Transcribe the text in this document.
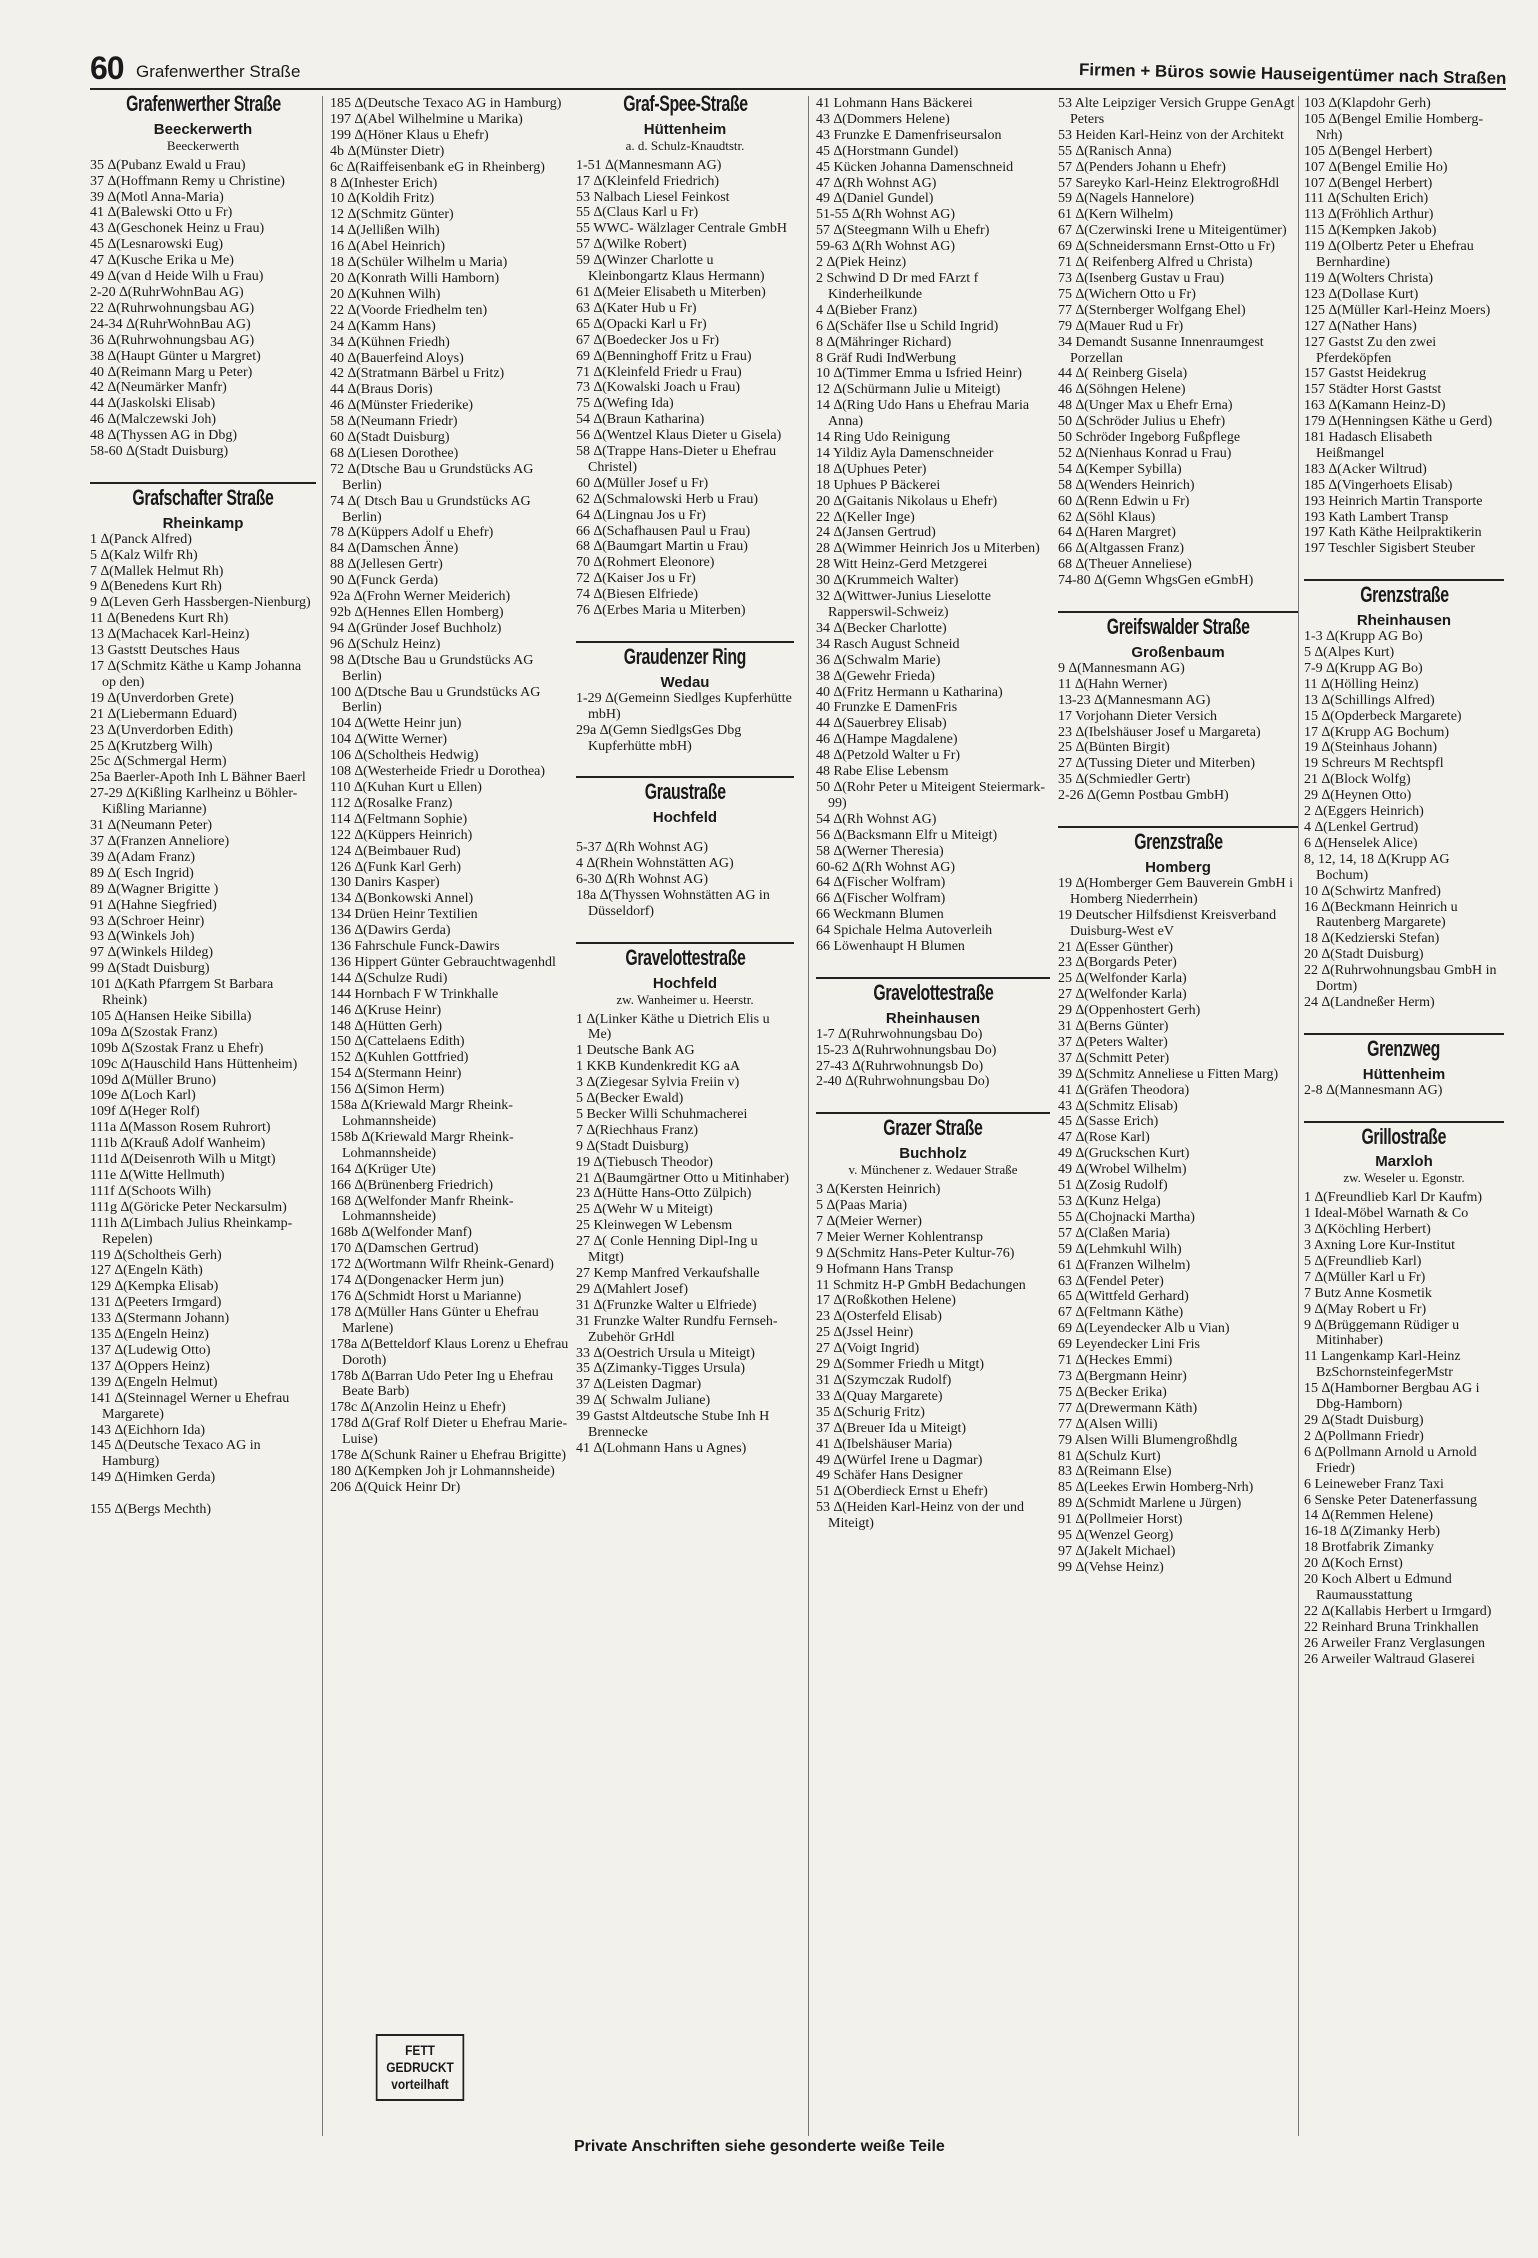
60 Grafenwerther Straße	Firmen + Büros sowie Hauseigentümer nach Straßen
Grafenwerther Straße
Beeckerwerth
Beeckerwerth
35 ∆(Pubanz Ewald u Frau)
37 ∆(Hoffmann Remy u Christine)
39 ∆(Motl Anna-Maria)
41 ∆(Balewski Otto u Fr)
43 ∆(Geschonek Heinz u Frau)
45 ∆(Lesnarowski Eug)
47 ∆(Kusche Erika u Me)
49 ∆(van d Heide Wilh u Frau)
2-20 ∆(RuhrWohnBau AG)
22 ∆(Ruhrwohnungsbau AG)
24-34 ∆(RuhrWohnBau AG)
36 ∆(Ruhrwohnungsbau AG)
38 ∆(Haupt Günter u Margret)
40 ∆(Reimann Marg u Peter)
42 ∆(Neumärker Manfr)
44 ∆(Jaskolski Elisab)
46 ∆(Malczewski Joh)
48 ∆(Thyssen AG in Dbg)
58-60 ∆(Stadt Duisburg)
Grafschafter Straße
Rheinkamp
1 ∆(Panck Alfred)
5 ∆(Kalz Wilfr Rh)
7 ∆(Mallek Helmut Rh)
9 ∆(Benedens Kurt Rh)
9 ∆(Leven Gerh Hassbergen-Nienburg)
11 ∆(Benedens Kurt Rh)
13 ∆(Machacek Karl-Heinz)
13 Gaststt Deutsches Haus
17 ∆(Schmitz Käthe u Kamp Johanna op den)
19 ∆(Unverdorben Grete)
21 ∆(Liebermann Eduard)
23 ∆(Unverdorben Edith)
25 ∆(Krutzberg Wilh)
25c ∆(Schmergal Herm)
25a Baerler-Apoth Inh L Bähner Baerl
27-29 ∆(Kißling Karlheinz u Böhler-Kißling Marianne)
31 ∆(Neumann Peter)
37 ∆(Franzen Anneliore)
39 ∆(Adam Franz)
89 ∆( Esch Ingrid)
89 ∆(Wagner Brigitte )
91 ∆(Hahne Siegfried)
93 ∆(Schroer Heinr)
93 ∆(Winkels Joh)
97 ∆(Winkels Hildeg)
99 ∆(Stadt Duisburg)
101 ∆(Kath Pfarrgem St Barbara Rheink)
105 ∆(Hansen Heike Sibilla)
109a ∆(Szostak Franz)
109b ∆(Szostak Franz u Ehefr)
109c ∆(Hauschild Hans Hüttenheim)
109d ∆(Müller Bruno)
109e ∆(Loch Karl)
109f ∆(Heger Rolf)
111a ∆(Masson Rosem Ruhrort)
111b ∆(Krauß Adolf Wanheim)
111d ∆(Deisenroth Wilh u Mitgt)
111e ∆(Witte Hellmuth)
111f ∆(Schoots Wilh)
111g ∆(Göricke Peter Neckarsulm)
111h ∆(Limbach Julius Rheinkamp-Repelen)
119 ∆(Scholtheis Gerh)
127 ∆(Engeln Käth)
129 ∆(Kempka Elisab)
131 ∆(Peeters Irmgard)
133 ∆(Stermann Johann)
135 ∆(Engeln Heinz)
137 ∆(Ludewig Otto)
137 ∆(Oppers Heinz)
139 ∆(Engeln Helmut)
141 ∆(Steinnagel Werner u Ehefrau Margarete)
143 ∆(Eichhorn Ida)
145 ∆(Deutsche Texaco AG in Hamburg)
149 ∆(Himken Gerda)
155 ∆(Bergs Mechth)
185 ∆(Deutsche Texaco AG in Hamburg)
197 ∆(Abel Wilhelmine u Marika)
199 ∆(Höner Klaus u Ehefr)
4b ∆(Münster Dietr)
6c ∆(Raiffeisenbank eG in Rheinberg)
8 ∆(Inhester Erich)
10 ∆(Koldih Fritz)
12 ∆(Schmitz Günter)
14 ∆(Jellißen Wilh)
16 ∆(Abel Heinrich)
18 ∆(Schüler Wilhelm u Maria)
20 ∆(Konrath Willi Hamborn)
20 ∆(Kuhnen Wilh)
22 ∆(Voorde Friedhelm ten)
24 ∆(Kamm Hans)
34 ∆(Kühnen Friedh)
40 ∆(Bauerfeind Aloys)
42 ∆(Stratmann Bärbel u Fritz)
44 ∆(Braus Doris)
46 ∆(Münster Friederike)
58 ∆(Neumann Friedr)
60 ∆(Stadt Duisburg)
68 ∆(Liesen Dorothee)
72 ∆(Dtsche Bau u Grundstücks AG Berlin)
74 ∆( Dtsch Bau u Grundstücks AG Berlin)
78 ∆(Küppers Adolf u Ehefr)
84 ∆(Damschen Änne)
88 ∆(Jellesen Gertr)
90 ∆(Funck Gerda)
92a ∆(Frohn Werner Meiderich)
92b ∆(Hennes Ellen Homberg)
94 ∆(Gründer Josef Buchholz)
96 ∆(Schulz Heinz)
98 ∆(Dtsche Bau u Grundstücks AG Berlin)
100 ∆(Dtsche Bau u Grundstücks AG Berlin)
104 ∆(Wette Heinr jun)
104 ∆(Witte Werner)
106 ∆(Scholtheis Hedwig)
108 ∆(Westerheide Friedr u Dorothea)
110 ∆(Kuhan Kurt u Ellen)
112 ∆(Rosalke Franz)
114 ∆(Feltmann Sophie)
122 ∆(Küppers Heinrich)
124 ∆(Beimbauer Rud)
126 ∆(Funk Karl Gerh)
130 Danirs Kasper)
134 ∆(Bonkowski Annel)
134 Drüen Heinr Textilien
136 ∆(Dawirs Gerda)
136 Fahrschule Funck-Dawirs
136 Hippert Günter Gebrauchtwagenhdl
144 ∆(Schulze Rudi)
144 Hornbach F W Trinkhalle
146 ∆(Kruse Heinr)
148 ∆(Hütten Gerh)
150 ∆(Cattelaens Edith)
152 ∆(Kuhlen Gottfried)
154 ∆(Stermann Heinr)
156 ∆(Simon Herm)
158a ∆(Kriewald Margr Rheink-Lohmannsheide)
158b ∆(Kriewald Margr Rheink-Lohmannsheide)
164 ∆(Krüger Ute)
166 ∆(Brünenberg Friedrich)
168 ∆(Welfonder Manfr Rheink-Lohmannsheide)
168b ∆(Welfonder Manf)
170 ∆(Damschen Gertrud)
172 ∆(Wortmann Wilfr Rheink-Genard)
174 ∆(Dongenacker Herm jun)
176 ∆(Schmidt Horst u Marianne)
178 ∆(Müller Hans Günter u Ehefrau Marlene)
178a ∆(Betteldorf Klaus Lorenz u Ehefrau Doroth)
178b ∆(Barran Udo Peter Ing u Ehefrau Beate Barb)
178c ∆(Anzolin Heinz u Ehefr)
178d ∆(Graf Rolf Dieter u Ehefrau Marie-Luise)
178e ∆(Schunk Rainer u Ehefrau Brigitte)
180 ∆(Kempken Joh jr Lohmannsheide)
206 ∆(Quick Heinr Dr)
Graf-Spee-Straße
Hüttenheim
a. d. Schulz-Knaudtstr.
1-51 ∆(Mannesmann AG)
17 ∆(Kleinfeld Friedrich)
53 Nalbach Liesel Feinkost
55 ∆(Claus Karl u Fr)
55 WWC- Wälzlager Centrale GmbH
57 ∆(Wilke Robert)
59 ∆(Winzer Charlotte u Kleinbongartz Klaus Hermann)
61 ∆(Meier Elisabeth u Miterben)
63 ∆(Kater Hub u Fr)
65 ∆(Opacki Karl u Fr)
67 ∆(Boedecker Jos u Fr)
69 ∆(Benninghoff Fritz u Frau)
71 ∆(Kleinfeld Friedr u Frau)
73 ∆(Kowalski Joach u Frau)
75 ∆(Wefing Ida)
54 ∆(Braun Katharina)
56 ∆(Wentzel Klaus Dieter u Gisela)
58 ∆(Trappe Hans-Dieter u Ehefrau Christel)
60 ∆(Müller Josef u Fr)
62 ∆(Schmalowski Herb u Frau)
64 ∆(Lingnau Jos u Fr)
66 ∆(Schafhausen Paul u Frau)
68 ∆(Baumgart Martin u Frau)
70 ∆(Rohmert Eleonore)
72 ∆(Kaiser Jos u Fr)
74 ∆(Biesen Elfriede)
76 ∆(Erbes Maria u Miterben)
Graudenzer Ring
Wedau
1-29 ∆(Gemeinn Siedlges Kupferhütte mbH)
29a ∆(Gemn SiedlgsGes Dbg Kupferhütte mbH)
Graustraße
Hochfeld
5-37 ∆(Rh Wohnst AG)
4 ∆(Rhein Wohnstätten AG)
6-30 ∆(Rh Wohnst AG)
18a ∆(Thyssen Wohnstätten AG in Düsseldorf)
Gravelottestraße
Hochfeld
zw. Wanheimer u. Heerstr.
1 ∆(Linker Käthe u Dietrich Elis u Me)
1 Deutsche Bank AG
1 KKB Kundenkredit KG aA
3 ∆(Ziegesar Sylvia Freiin v)
5 ∆(Becker Ewald)
5 Becker Willi Schuhmacherei
7 ∆(Riechhaus Franz)
9 ∆(Stadt Duisburg)
19 ∆(Tiebusch Theodor)
21 ∆(Baumgärtner Otto u Mitinhaber)
23 ∆(Hütte Hans-Otto Zülpich)
25 ∆(Wehr W u Miteigt)
25 Kleinwegen W Lebensm
27 ∆( Conle Henning Dipl-Ing u Mitgt)
27 Kemp Manfred Verkaufshalle
29 ∆(Mahlert Josef)
31 ∆(Frunzke Walter u Elfriede)
31 Frunzke Walter Rundfu Fernseh-Zubehör GrHdl
33 ∆(Oestrich Ursula u Miteigt)
35 ∆(Zimanky-Tigges Ursula)
37 ∆(Leisten Dagmar)
39 ∆( Schwalm Juliane)
39 Gastst Altdeutsche Stube Inh H Brennecke
41 ∆(Lohmann Hans u Agnes)
41 Lohmann Hans Bäckerei
43 ∆(Dommers Helene)
43 Frunzke E Damenfriseursalon
45 ∆(Horstmann Gundel)
45 Kücken Johanna Damenschneid
47 ∆(Rh Wohnst AG)
49 ∆(Daniel Gundel)
51-55 ∆(Rh Wohnst AG)
57 ∆(Steegmann Wilh u Ehefr)
59-63 ∆(Rh Wohnst AG)
2 ∆(Piek Heinz)
2 Schwind D Dr med FArzt f Kinderheilkunde
4 ∆(Bieber Franz)
6 ∆(Schäfer Ilse u Schild Ingrid)
8 ∆(Mähringer Richard)
8 Gräf Rudi IndWerbung
10 ∆(Timmer Emma u Isfried Heinr)
12 ∆(Schürmann Julie u Miteigt)
14 ∆(Ring Udo Hans u Ehefrau Maria Anna)
14 Ring Udo Reinigung
14 Yildiz Ayla Damenschneider
18 ∆(Uphues Peter)
18 Uphues P Bäckerei
20 ∆(Gaitanis Nikolaus u Ehefr)
22 ∆(Keller Inge)
24 ∆(Jansen Gertrud)
28 ∆(Wimmer Heinrich Jos u Miterben)
28 Witt Heinz-Gerd Metzgerei
30 ∆(Krummeich Walter)
32 ∆(Wittwer-Junius Lieselotte Rapperswil-Schweiz)
34 ∆(Becker Charlotte)
34 Rasch August Schneid
36 ∆(Schwalm Marie)
38 ∆(Gewehr Frieda)
40 ∆(Fritz Hermann u Katharina)
40 Frunzke E DamenFris
44 ∆(Sauerbrey Elisab)
46 ∆(Hampe Magdalene)
48 ∆(Petzold Walter u Fr)
48 Rabe Elise Lebensm
50 ∆(Rohr Peter u Miteigent Steiermark-99)
54 ∆(Rh Wohnst AG)
56 ∆(Backsmann Elfr u Miteigt)
58 ∆(Werner Theresia)
60-62 ∆(Rh Wohnst AG)
64 ∆(Fischer Wolfram)
66 ∆(Fischer Wolfram)
66 Weckmann Blumen
64 Spichale Helma Autoverleih
66 Löwenhaupt H Blumen
Gravelottestraße
Rheinhausen
1-7 ∆(Ruhrwohnungsbau Do)
15-23 ∆(Ruhrwohnungsbau Do)
27-43 ∆(Ruhrwohnungsb Do)
2-40 ∆(Ruhrwohnungsbau Do)
Grazer Straße
Buchholz
v. Münchener z. Wedauer Straße
3 ∆(Kersten Heinrich)
5 ∆(Paas Maria)
7 ∆(Meier Werner)
7 Meier Werner Kohlentransp
9 ∆(Schmitz Hans-Peter Kultur-76)
9 Hofmann Hans Transp
11 Schmitz H-P GmbH Bedachungen
17 ∆(Roßkothen Helene)
23 ∆(Osterfeld Elisab)
25 ∆(Jssel Heinr)
27 ∆(Voigt Ingrid)
29 ∆(Sommer Friedh u Mitgt)
31 ∆(Szymczak Rudolf)
33 ∆(Quay Margarete)
35 ∆(Schurig Fritz)
37 ∆(Breuer Ida u Miteigt)
41 ∆(Ibelshäuser Maria)
49 ∆(Würfel Irene u Dagmar)
49 Schäfer Hans Designer
51 ∆(Oberdieck Ernst u Ehefr)
53 ∆(Heiden Karl-Heinz von der und Miteigt)
53 Alte Leipziger Versich Gruppe GenAgt Peters
53 Heiden Karl-Heinz von der Architekt
55 ∆(Ranisch Anna)
57 ∆(Penders Johann u Ehefr)
57 Sareyko Karl-Heinz ElektrogroßHdl
59 ∆(Nagels Hannelore)
61 ∆(Kern Wilhelm)
67 ∆(Czerwinski Irene u Miteigentümer)
69 ∆(Schneidersmann Ernst-Otto u Fr)
71 ∆( Reifenberg Alfred u Christa)
73 ∆(Isenberg Gustav u Frau)
75 ∆(Wichern Otto u Fr)
77 ∆(Sternberger Wolfgang Ehel)
79 ∆(Mauer Rud u Fr)
34 Demandt Susanne Innenraumgest Porzellan
44 ∆( Reinberg Gisela)
46 ∆(Söhngen Helene)
48 ∆(Unger Max u Ehefr Erna)
50 ∆(Schröder Julius u Ehefr)
50 Schröder Ingeborg Fußpflege
52 ∆(Nienhaus Konrad u Frau)
54 ∆(Kemper Sybilla)
58 ∆(Wenders Heinrich)
60 ∆(Renn Edwin u Fr)
62 ∆(Söhl Klaus)
64 ∆(Haren Margret)
66 ∆(Altgassen Franz)
68 ∆(Theuer Anneliese)
74-80 ∆(Gemn WhgsGen eGmbH)
Greifswalder Straße
Großenbaum
9 ∆(Mannesmann AG)
11 ∆(Hahn Werner)
13-23 ∆(Mannesmann AG)
17 Vorjohann Dieter Versich
23 ∆(Ibelshäuser Josef u Margareta)
25 ∆(Bünten Birgit)
27 ∆(Tussing Dieter und Miterben)
35 ∆(Schmiedler Gertr)
2-26 ∆(Gemn Postbau GmbH)
Grenzstraße
Homberg
19 ∆(Homberger Gem Bauverein GmbH i Homberg Niederrhein)
19 Deutscher Hilfsdienst Kreisverband Duisburg-West eV
21 ∆(Esser Günther)
23 ∆(Borgards Peter)
25 ∆(Welfonder Karla)
27 ∆(Welfonder Karla)
29 ∆(Oppenhostert Gerh)
31 ∆(Berns Günter)
37 ∆(Peters Walter)
37 ∆(Schmitt Peter)
39 ∆(Schmitz Anneliese u Fitten Marg)
41 ∆(Gräfen Theodora)
43 ∆(Schmitz Elisab)
45 ∆(Sasse Erich)
47 ∆(Rose Karl)
49 ∆(Gruckschen Kurt)
49 ∆(Wrobel Wilhelm)
51 ∆(Zosig Rudolf)
53 ∆(Kunz Helga)
55 ∆(Chojnacki Martha)
57 ∆(Claßen Maria)
59 ∆(Lehmkuhl Wilh)
61 ∆(Franzen Wilhelm)
63 ∆(Fendel Peter)
65 ∆(Wittfeld Gerhard)
67 ∆(Feltmann Käthe)
69 ∆(Leyendecker Alb u Vian)
69 Leyendecker Lini Fris
71 ∆(Heckes Emmi)
73 ∆(Bergmann Heinr)
75 ∆(Becker Erika)
77 ∆(Drewermann Käth)
77 ∆(Alsen Willi)
79 Alsen Willi Blumengroßhdlg
81 ∆(Schulz Kurt)
83 ∆(Reimann Else)
85 ∆(Leekes Erwin Homberg-Nrh)
89 ∆(Schmidt Marlene u Jürgen)
91 ∆(Pollmeier Horst)
95 ∆(Wenzel Georg)
97 ∆(Jakelt Michael)
99 ∆(Vehse Heinz)
103 ∆(Klapdohr Gerh)
105 ∆(Bengel Emilie Homberg-Nrh)
105 ∆(Bengel Herbert)
107 ∆(Bengel Emilie Ho)
107 ∆(Bengel Herbert)
111 ∆(Schulten Erich)
113 ∆(Fröhlich Arthur)
115 ∆(Kempken Jakob)
119 ∆(Olbertz Peter u Ehefrau Bernhardine)
119 ∆(Wolters Christa)
123 ∆(Dollase Kurt)
125 ∆(Müller Karl-Heinz Moers)
127 ∆(Nather Hans)
127 Gastst Zu den zwei Pferdeköpfen
157 Gastst Heidekrug
157 Städter Horst Gastst
163 ∆(Kamann Heinz-D)
179 ∆(Henningsen Käthe u Gerd)
181 Hadasch Elisabeth Heißmangel
183 ∆(Acker Wiltrud)
185 ∆(Vingerhoets Elisab)
193 Heinrich Martin Transporte
193 Kath Lambert Transp
197 Kath Käthe Heilpraktikerin
197 Teschler Sigisbert Steuber
Grenzstraße
Rheinhausen
1-3 ∆(Krupp AG Bo)
5 ∆(Alpes Kurt)
7-9 ∆(Krupp AG Bo)
11 ∆(Hölling Heinz)
13 ∆(Schillings Alfred)
15 ∆(Opderbeck Margarete)
17 ∆(Krupp AG Bochum)
19 ∆(Steinhaus Johann)
19 Schreurs M Rechtspfl
21 ∆(Block Wolfg)
29 ∆(Heynen Otto)
2 ∆(Eggers Heinrich)
4 ∆(Lenkel Gertrud)
6 ∆(Henselek Alice)
8, 12, 14, 18 ∆(Krupp AG Bochum)
10 ∆(Schwirtz Manfred)
16 ∆(Beckmann Heinrich u Rautenberg Margarete)
18 ∆(Kedzierski Stefan)
20 ∆(Stadt Duisburg)
22 ∆(Ruhrwohnungsbau GmbH in Dortm)
24 ∆(Landneßer Herm)
Grenzweg
Hüttenheim
2-8 ∆(Mannesmann AG)
Grillostraße
Marxloh
zw. Weseler u. Egonstr.
1 ∆(Freundlieb Karl Dr Kaufm)
1 Ideal-Möbel Warnath & Co
3 ∆(Köchling Herbert)
3 Axning Lore Kur-Institut
5 ∆(Freundlieb Karl)
7 ∆(Müller Karl u Fr)
7 Butz Anne Kosmetik
9 ∆(May Robert u Fr)
9 ∆(Brüggemann Rüdiger u Mitinhaber)
11 Langenkamp Karl-Heinz BzSchornsteinfegerMstr
15 ∆(Hamborner Bergbau AG i Dbg-Hamborn)
29 ∆(Stadt Duisburg)
2 ∆(Pollmann Friedr)
6 ∆(Pollmann Arnold u Arnold Friedr)
6 Leineweber Franz Taxi
6 Senske Peter Datenerfassung
14 ∆(Remmen Helene)
16-18 ∆(Zimanky Herb)
18 Brotfabrik Zimanky
20 ∆(Koch Ernst)
20 Koch Albert u Edmund Raumausstattung
22 ∆(Kallabis Herbert u Irmgard)
22 Reinhard Bruna Trinkhallen
26 Arweiler Franz Verglasungen
26 Arweiler Waltraud Glaserei
FETT
GEDRUCKT
vorteilhaft
Private Anschriften siehe gesonderte weiße Teile
